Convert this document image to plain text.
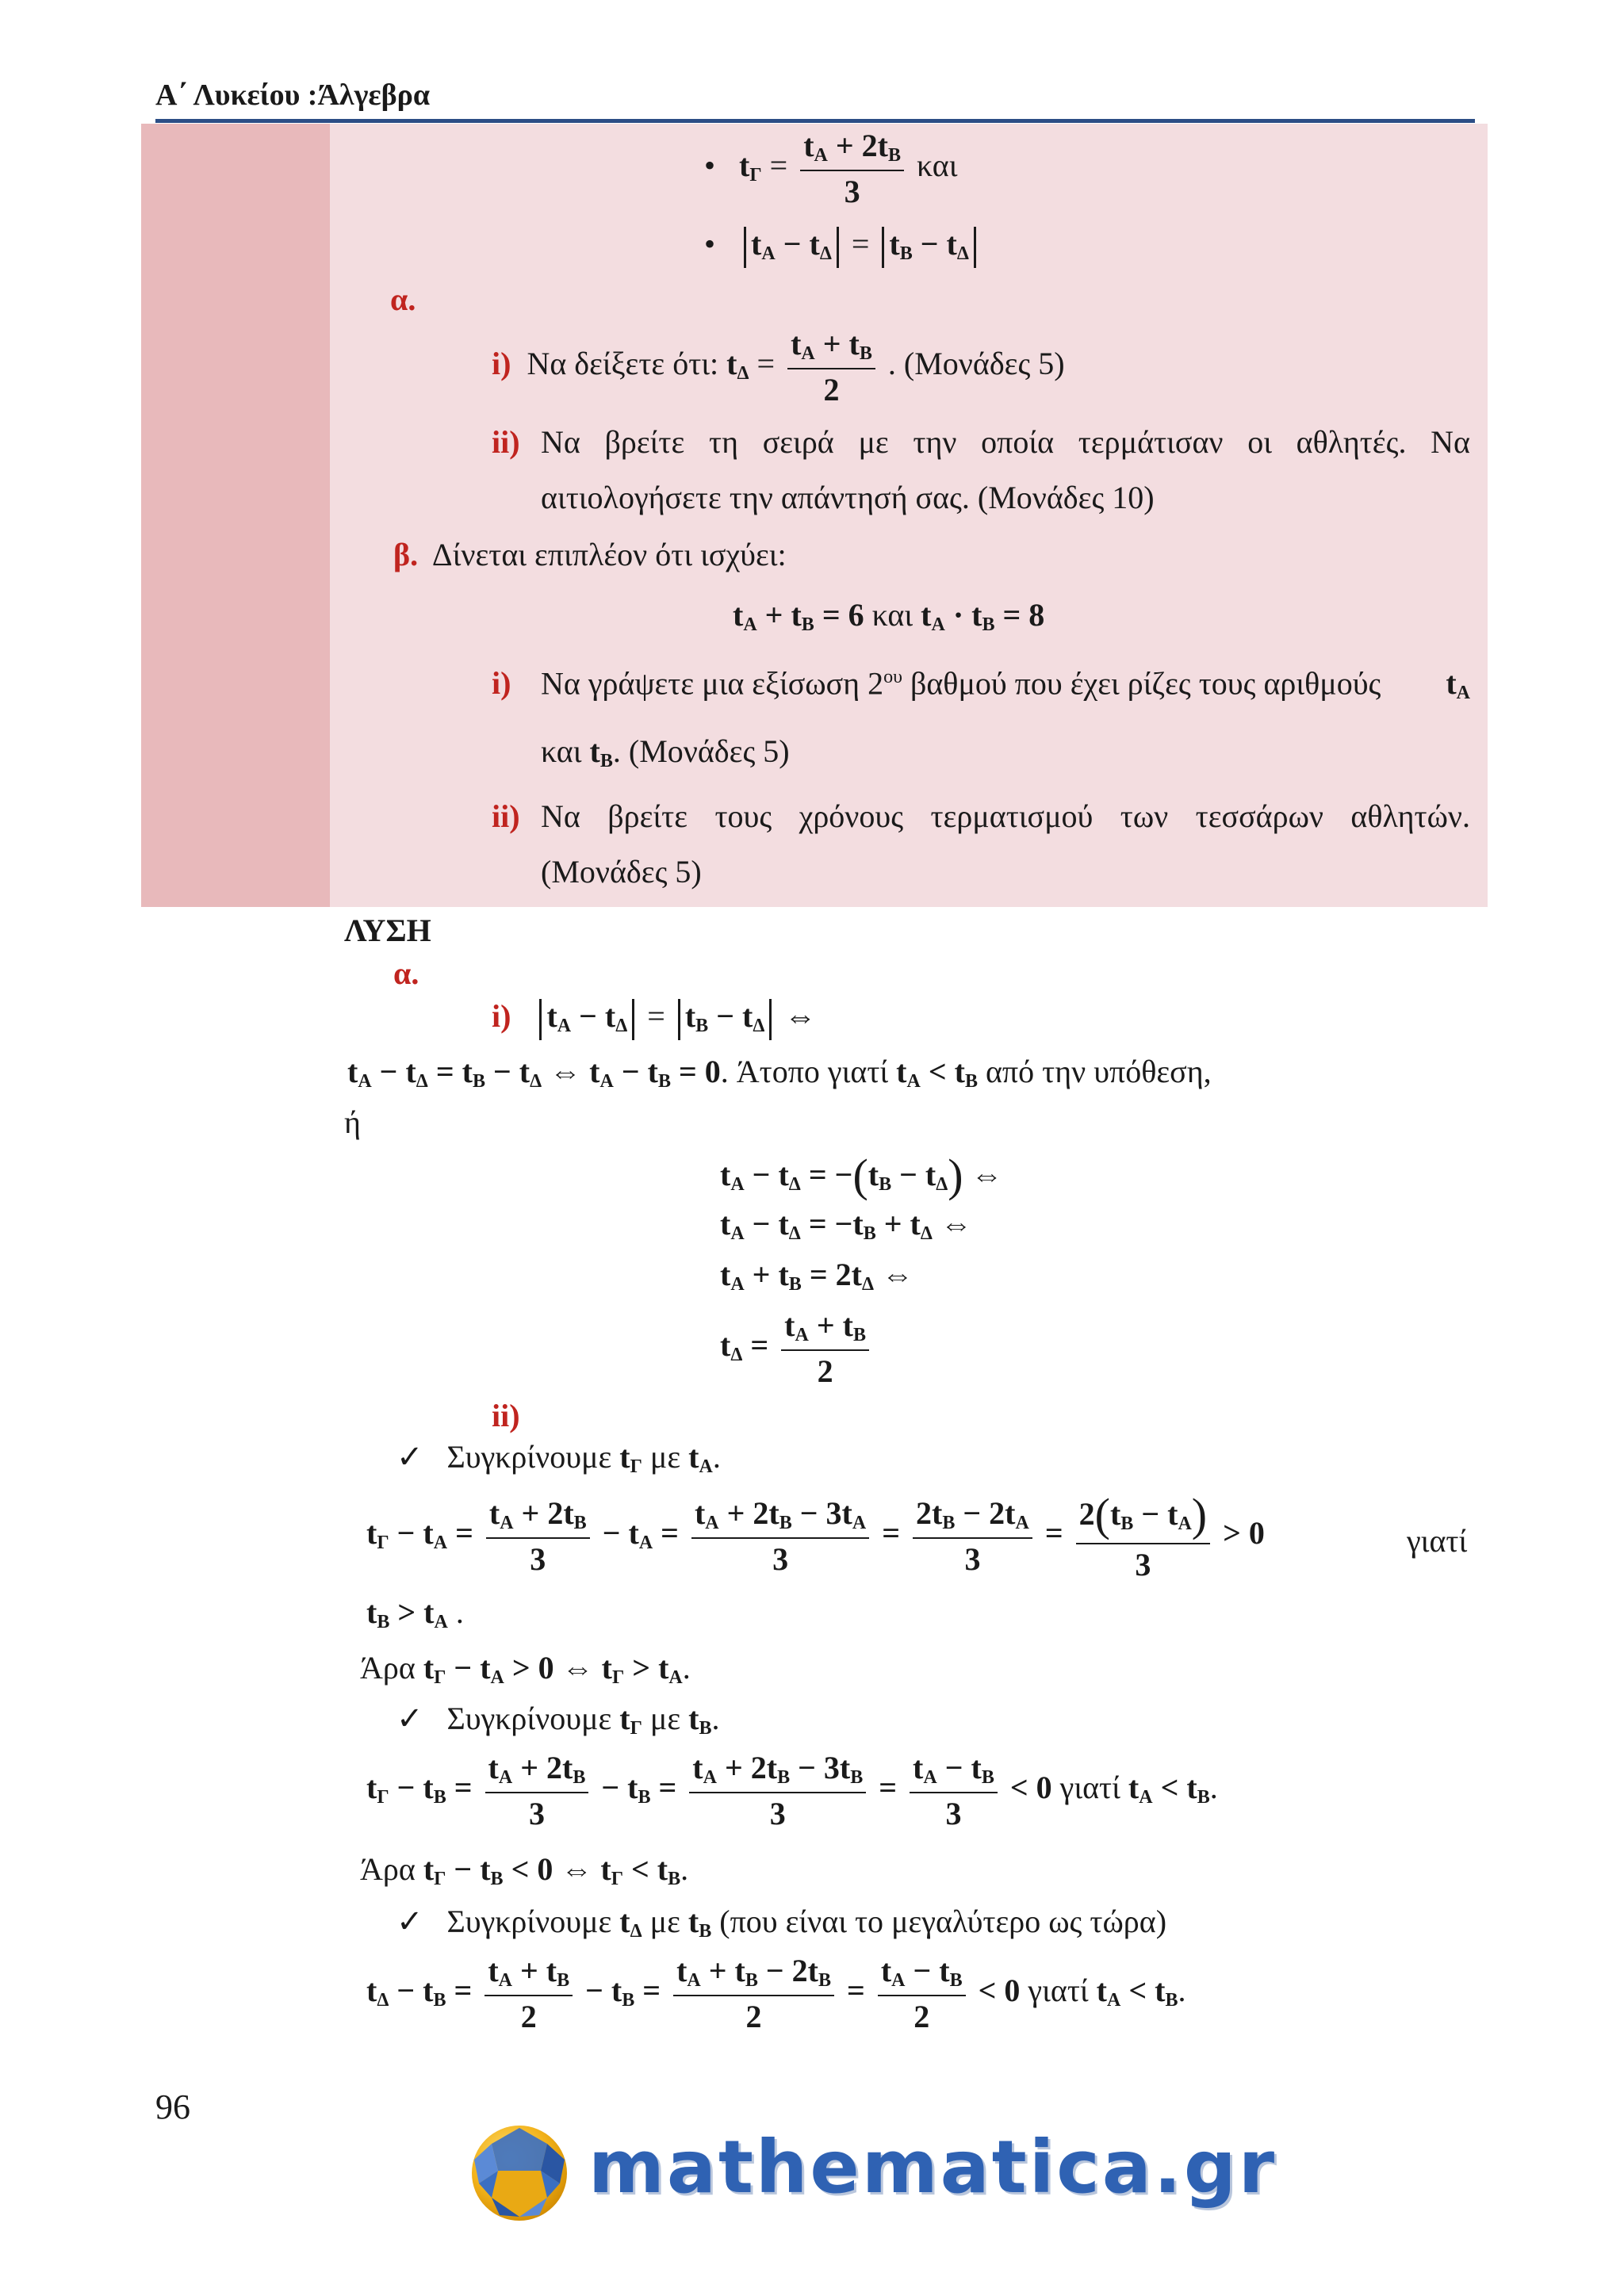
Α΄ Λυκείου :Άλγεβρα
• $t_\Gamma = \frac{t_A + 2t_B}{3}$ και
• $t_A - t_\Delta = t_B - t_\Delta$
α.
i) Να δείξετε ότι: $t_\Delta = \frac{t_A + t_B}{2}$ . (Μονάδες 5)
ii) Να βρείτε τη σειρά με την οποία τερμάτισαν οι αθλητές. Να
αιτιολογήσετε την απάντησή σας. (Μονάδες 10)
β. Δίνεται επιπλέον ότι ισχύει:
$t_A + t_B = 6$ και $t_A \cdot t_B = 8$
i) Να γράψετε μια εξίσωση $2^{o\upsilon}$ βαθμού που έχει ρίζες τους αριθμούς $t_A$
και $t_B$. (Μονάδες 5)
ii) Να βρείτε τους χρόνους τερματισμού των τεσσάρων αθλητών.
(Μονάδες 5)
ΛΥΣΗ
α.
i) $t_A - t_\Delta = t_B - t_\Delta$ ⇔
$t_A - t_\Delta = t_B - t_\Delta$ ⇔ $t_A - t_B = 0$. Άτοπο γιατί $t_A < t_B$ από την υπόθεση,
ή
$t_A - t_\Delta = -(t_B - t_\Delta)$ ⇔
$t_A - t_\Delta = -t_B + t_\Delta$ ⇔
$t_A + t_B = 2t_\Delta$ ⇔
$t_\Delta = \frac{t_A + t_B}{2}$
ii)
✓ Συγκρίνουμε $t_\Gamma$ με $t_A$.
$t_\Gamma - t_A = \frac{t_A + 2t_B}{3} - t_A = \frac{t_A + 2t_B - 3t_A}{3} = \frac{2t_B - 2t_A}{3} = \frac{2(t_B - t_A)}{3} > 0$	γιατί
$t_B > t_A$ .
Άρα $t_\Gamma - t_A > 0$ ⇔ $t_\Gamma > t_A$.
✓ Συγκρίνουμε $t_\Gamma$ με $t_B$.
$t_\Gamma - t_B = \frac{t_A + 2t_B}{3} - t_B = \frac{t_A + 2t_B - 3t_B}{3} = \frac{t_A - t_B}{3} < 0$ γιατί $t_A < t_B$.
Άρα $t_\Gamma - t_B < 0$ ⇔ $t_\Gamma < t_B$.
✓ Συγκρίνουμε $t_\Delta$ με $t_B$ (που είναι το μεγαλύτερο ως τώρα)
$t_\Delta - t_B = \frac{t_A + t_B}{2} - t_B = \frac{t_A + t_B - 2t_B}{2} = \frac{t_A - t_B}{2} < 0$ γιατί $t_A < t_B$.
96
mathematica.gr
